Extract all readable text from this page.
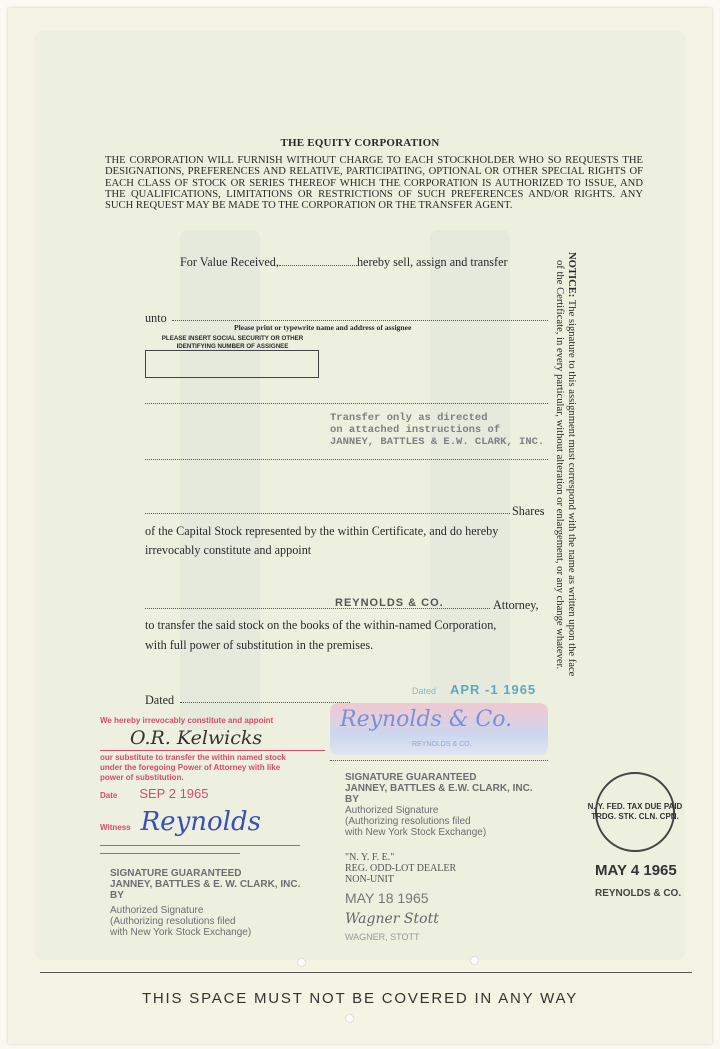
THE EQUITY CORPORATION
THE CORPORATION WILL FURNISH WITHOUT CHARGE TO EACH STOCKHOLDER WHO SO REQUESTS THE DESIGNATIONS, PREFERENCES AND RELATIVE, PARTICIPATING, OPTIONAL OR OTHER SPECIAL RIGHTS OF EACH CLASS OF STOCK OR SERIES THEREOF WHICH THE CORPORATION IS AUTHORIZED TO ISSUE, AND THE QUALIFICATIONS, LIMITATIONS OR RESTRICTIONS OF SUCH PREFERENCES AND/OR RIGHTS. ANY SUCH REQUEST MAY BE MADE TO THE CORPORATION OR THE TRANSFER AGENT.
For Value Received,	hereby sell, assign and transfer
unto
Please print or typewrite name and address of assignee
PLEASE INSERT SOCIAL SECURITY OR OTHER
IDENTIFYING NUMBER OF ASSIGNEE
Shares
of the Capital Stock represented by the within Certificate, and do hereby
irrevocably constitute and appoint
Attorney,
to transfer the said stock on the books of the within-named Corporation,
with full power of substitution in the premises.
Dated
NOTICE: The signature to this assignment must correspond with the name as written upon the face
of the Certificate, in every particular, without alteration or enlargement, or any change whatever.
Transfer only as directed
on attached instructions of
JANNEY, BATTLES & E.W. CLARK, INC.
REYNOLDS & CO.
Dated APR -1 1965
Reynolds & Co.
REYNOLDS & CO.
We hereby irrevocably constitute and appoint
O.R. Kelwicks
our substitute to transfer the within named stock
under the foregoing Power of Attorney with like
power of substitution.
Date SEP 2 1965
Witness Reynolds
SIGNATURE GUARANTEED
JANNEY, BATTLES & E. W. CLARK, INC.
BY
Authorized Signature
(Authorizing resolutions filed
with New York Stock Exchange)
SIGNATURE GUARANTEED
JANNEY, BATTLES & E.W. CLARK, INC.
BY
Authorized Signature
(Authorizing resolutions filed
with New York Stock Exchange)
"N. Y. F. E."
REG. ODD-LOT DEALER
NON-UNIT
MAY 18 1965
Wagner Stott
WAGNER, STOTT
N. Y. FED. TAX DUE PAID
TRDG. STK. CLN. CPN.
MAY 4 1965
REYNOLDS & CO.
THIS SPACE MUST NOT BE COVERED IN ANY WAY
